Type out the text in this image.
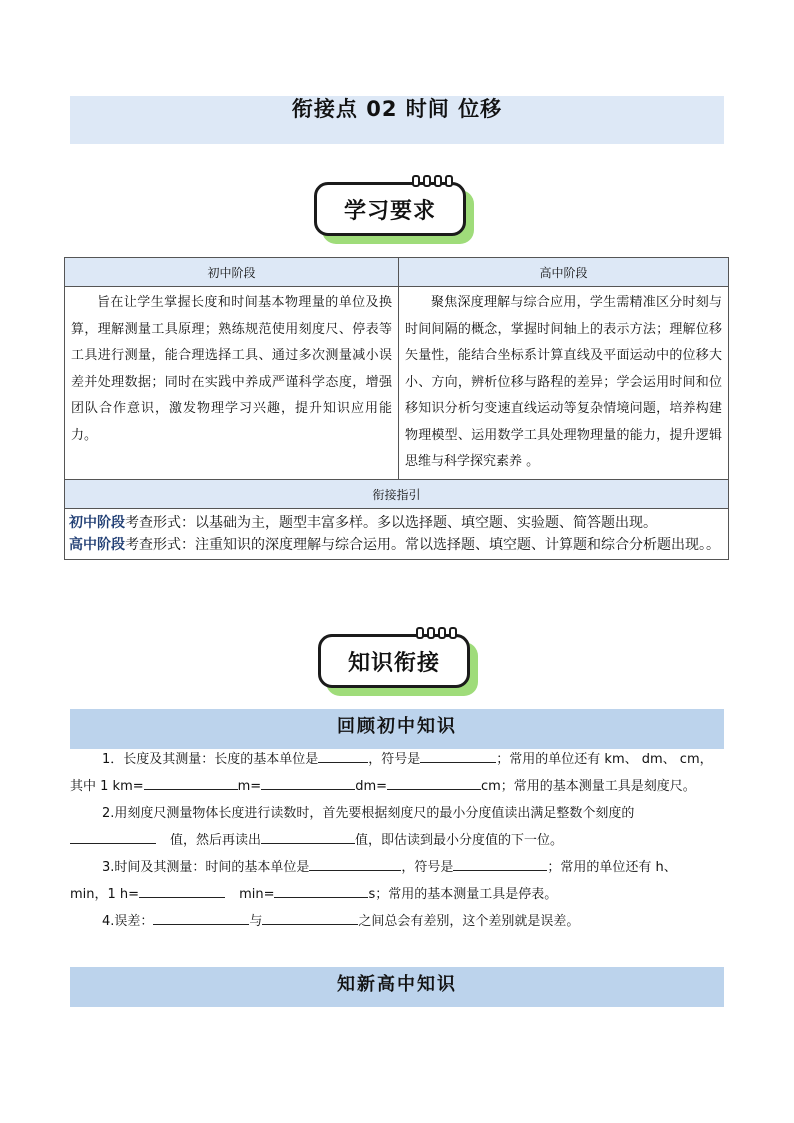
衔接点 02 时间 位移
学习要求
初中阶段	高中阶段
旨在让学生掌握长度和时间基本物理量的单位及换算，理解测量工具原理；熟练规范使用刻度尺、停表等工具进行测量，能合理选择工具、通过多次测量减小误差并处理数据；同时在实践中养成严谨科学态度，增强团队合作意识，激发物理学习兴趣，提升知识应用能力。	聚焦深度理解与综合应用，学生需精准区分时刻与时间间隔的概念，掌握时间轴上的表示方法；理解位移矢量性，能结合坐标系计算直线及平面运动中的位移大小、方向，辨析位移与路程的差异；学会运用时间和位移知识分析匀变速直线运动等复杂情境问题，培养构建物理模型、运用数学工具处理物理量的能力，提升逻辑思维与科学探究素养 。
衔接指引	

初中阶段考查形式：以基础为主，题型丰富多样。多以选择题、填空题、实验题、简答题出现。
高中阶段考查形式：注重知识的深度理解与综合运用。常以选择题、填空题、计算题和综合分析题出现。。	
知识衔接
回顾初中知识

1．长度及其测量：长度的基本单位是	，符号是	；常用的单位还有 km、 dm、 cm，

其中 1 km=	m=	dm=	cm；常用的基本测量工具是刻度尺。

2.用刻度尺测量物体长度进行读数时，首先要根据刻度尺的最小分度值读出满足整数个刻度的

值，然后再读出	值，即估读到最小分度值的下一位。

3.时间及其测量：时间的基本单位是	，符号是	；常用的单位还有 h、

min，1 h=	min=	s；常用的基本测量工具是停表。

4.误差：	与	之间总会有差别，这个差别就是误差。

知新高中知识
